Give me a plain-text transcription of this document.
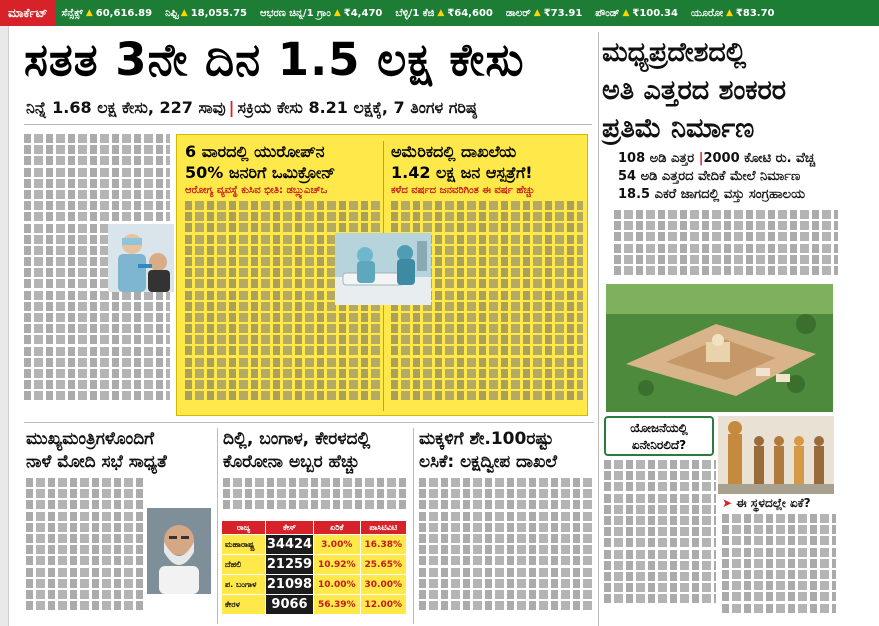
ಮಾರ್ಕೆಟ್	ಸೆನ್ಸೆಕ್ಸ್ ▲ 60,616.89 ನಿಫ್ಟಿ ▲ 18,055.75 ಆಭರಣ ಚಿನ್ನ/1 ಗ್ರಾಂ ▲ ₹4,470 ಬೆಳ್ಳಿ/1 ಕೆಜಿ ▲ ₹64,600 ಡಾಲರ್ ▲ ₹73.91 ಪೌಂಡ್ ▲ ₹100.34 ಯೂರೋ ▲ ₹83.70
ಸತತ 3ನೇ ದಿನ 1.5 ಲಕ್ಷ ಕೇಸು
ನಿನ್ನೆ 1.68 ಲಕ್ಷ ಕೇಸು, 227 ಸಾವು | ಸಕ್ರಿಯ ಕೇಸು 8.21 ಲಕ್ಷಕ್ಕೆ, 7 ತಿಂಗಳ ಗರಿಷ್ಠ
6 ವಾರದಲ್ಲಿ ಯುರೋಪ್‌ನ
50% ಜನರಿಗೆ ಒಮಿಕ್ರೋನ್
ಆರೋಗ್ಯ ವ್ಯವಸ್ಥೆ ಕುಸಿವ ಭೀತಿ: ಡಬ್ಲ್ಯುಎಚ್‌ಒ
ಅಮೆರಿಕದಲ್ಲಿ ದಾಖಲೆಯ
1.42 ಲಕ್ಷ ಜನ ಆಸ್ಪತ್ರೆಗೆ!
ಕಳೆದ ವರ್ಷದ ಜನವರಿಗಿಂತ ಈ ವರ್ಷ ಹೆಚ್ಚು
ಮಧ್ಯಪ್ರದೇಶದಲ್ಲಿ
ಅತಿ ಎತ್ತರದ ಶಂಕರರ
ಪ್ರತಿಮೆ ನಿರ್ಮಾಣ
108 ಅಡಿ ಎತ್ತರ |2000 ಕೋಟಿ ರು. ವೆಚ್ಚ
54 ಅಡಿ ಎತ್ತರದ ವೇದಿಕೆ ಮೇಲೆ ನಿರ್ಮಾಣ
18.5 ಎಕರೆ ಜಾಗದಲ್ಲಿ ವಸ್ತು ಸಂಗ್ರಹಾಲಯ
ಯೋಜನೆಯಲ್ಲಿ
ಏನೇನಿರಲಿದೆ?
➤ ಈ ಸ್ಥಳದಲ್ಲೇ ಏಕೆ?
ಮುಖ್ಯಮಂತ್ರಿಗಳೊಂದಿಗೆ
ನಾಳೆ ಮೋದಿ ಸಭೆ ಸಾಧ್ಯತೆ
ದಿಲ್ಲಿ, ಬಂಗಾಳ, ಕೇರಳದಲ್ಲಿ
ಕೊರೋನಾ ಅಬ್ಬರ ಹೆಚ್ಚು
ರಾಜ್ಯ	ಕೇಸ್	ಏರಿಕೆ	ಪಾಸಿಟಿವಿಟಿ
ಮಹಾರಾಷ್ಟ್ರ	34424	3.00%	16.38%
ದೆಹಲಿ	21259	10.92%	25.65%
ಪ. ಬಂಗಾಳ	21098	10.00%	30.00%
ಕೇರಳ	9066	56.39%	12.00%
ಮಕ್ಕಳಿಗೆ ಶೇ.100ರಷ್ಟು
ಲಸಿಕೆ: ಲಕ್ಷದ್ವೀಪ ದಾಖಲೆ
